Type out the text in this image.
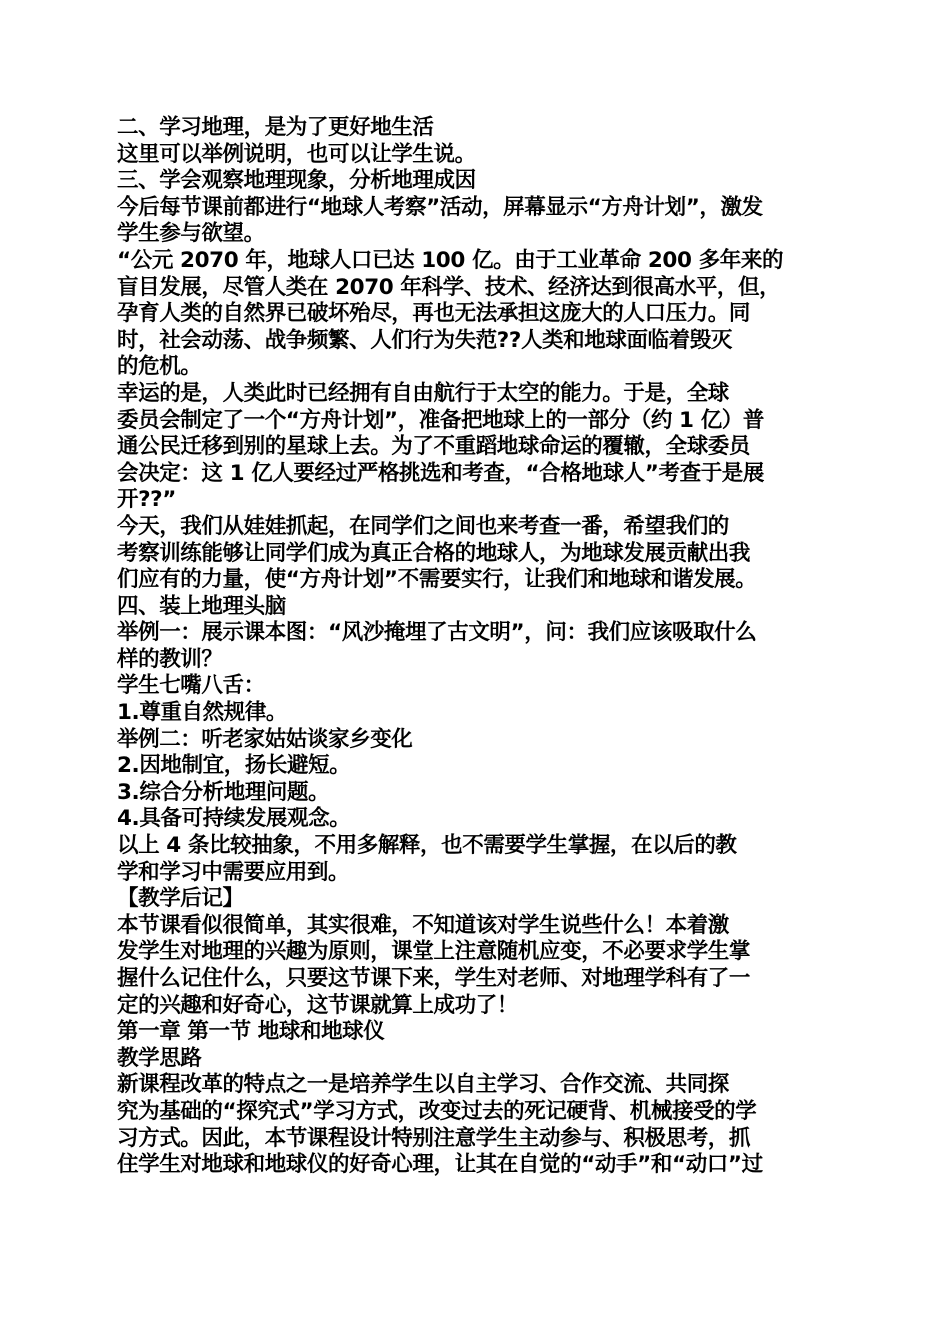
二、学习地理，是为了更好地生活
这里可以举例说明，也可以让学生说。
三、学会观察地理现象，分析地理成因
今后每节课前都进行“地球人考察”活动，屏幕显示“方舟计划”，激发
学生参与欲望。
“公元 2070 年，地球人口已达 100 亿。由于工业革命 200 多年来的
盲目发展，尽管人类在 2070 年科学、技术、经济达到很高水平，但，
孕育人类的自然界已破坏殆尽，再也无法承担这庞大的人口压力。同
时，社会动荡、战争频繁、人们行为失范??人类和地球面临着毁灭
的危机。
幸运的是，人类此时已经拥有自由航行于太空的能力。于是，全球
委员会制定了一个“方舟计划”，准备把地球上的一部分（约 1 亿）普
通公民迁移到别的星球上去。为了不重蹈地球命运的覆辙，全球委员
会决定：这 1 亿人要经过严格挑选和考查，“合格地球人”考查于是展
开??”
今天，我们从娃娃抓起，在同学们之间也来考查一番，希望我们的
考察训练能够让同学们成为真正合格的地球人，为地球发展贡献出我
们应有的力量，使“方舟计划”不需要实行，让我们和地球和谐发展。
四、装上地理头脑
举例一：展示课本图：“风沙掩埋了古文明”，问：我们应该吸取什么
样的教训？
学生七嘴八舌：
1.尊重自然规律。
举例二：听老家姑姑谈家乡变化
2.因地制宜，扬长避短。
3.综合分析地理问题。
4.具备可持续发展观念。
以上 4 条比较抽象，不用多解释，也不需要学生掌握，在以后的教
学和学习中需要应用到。
【教学后记】
本节课看似很简单，其实很难，不知道该对学生说些什么！本着激
发学生对地理的兴趣为原则，课堂上注意随机应变，不必要求学生掌
握什么记住什么，只要这节课下来，学生对老师、对地理学科有了一
定的兴趣和好奇心，这节课就算上成功了！
第一章 第一节 地球和地球仪
教学思路
新课程改革的特点之一是培养学生以自主学习、合作交流、共同探
究为基础的“探究式”学习方式，改变过去的死记硬背、机械接受的学
习方式。因此，本节课程设计特别注意学生主动参与、积极思考，抓
住学生对地球和地球仪的好奇心理，让其在自觉的“动手”和“动口”过
